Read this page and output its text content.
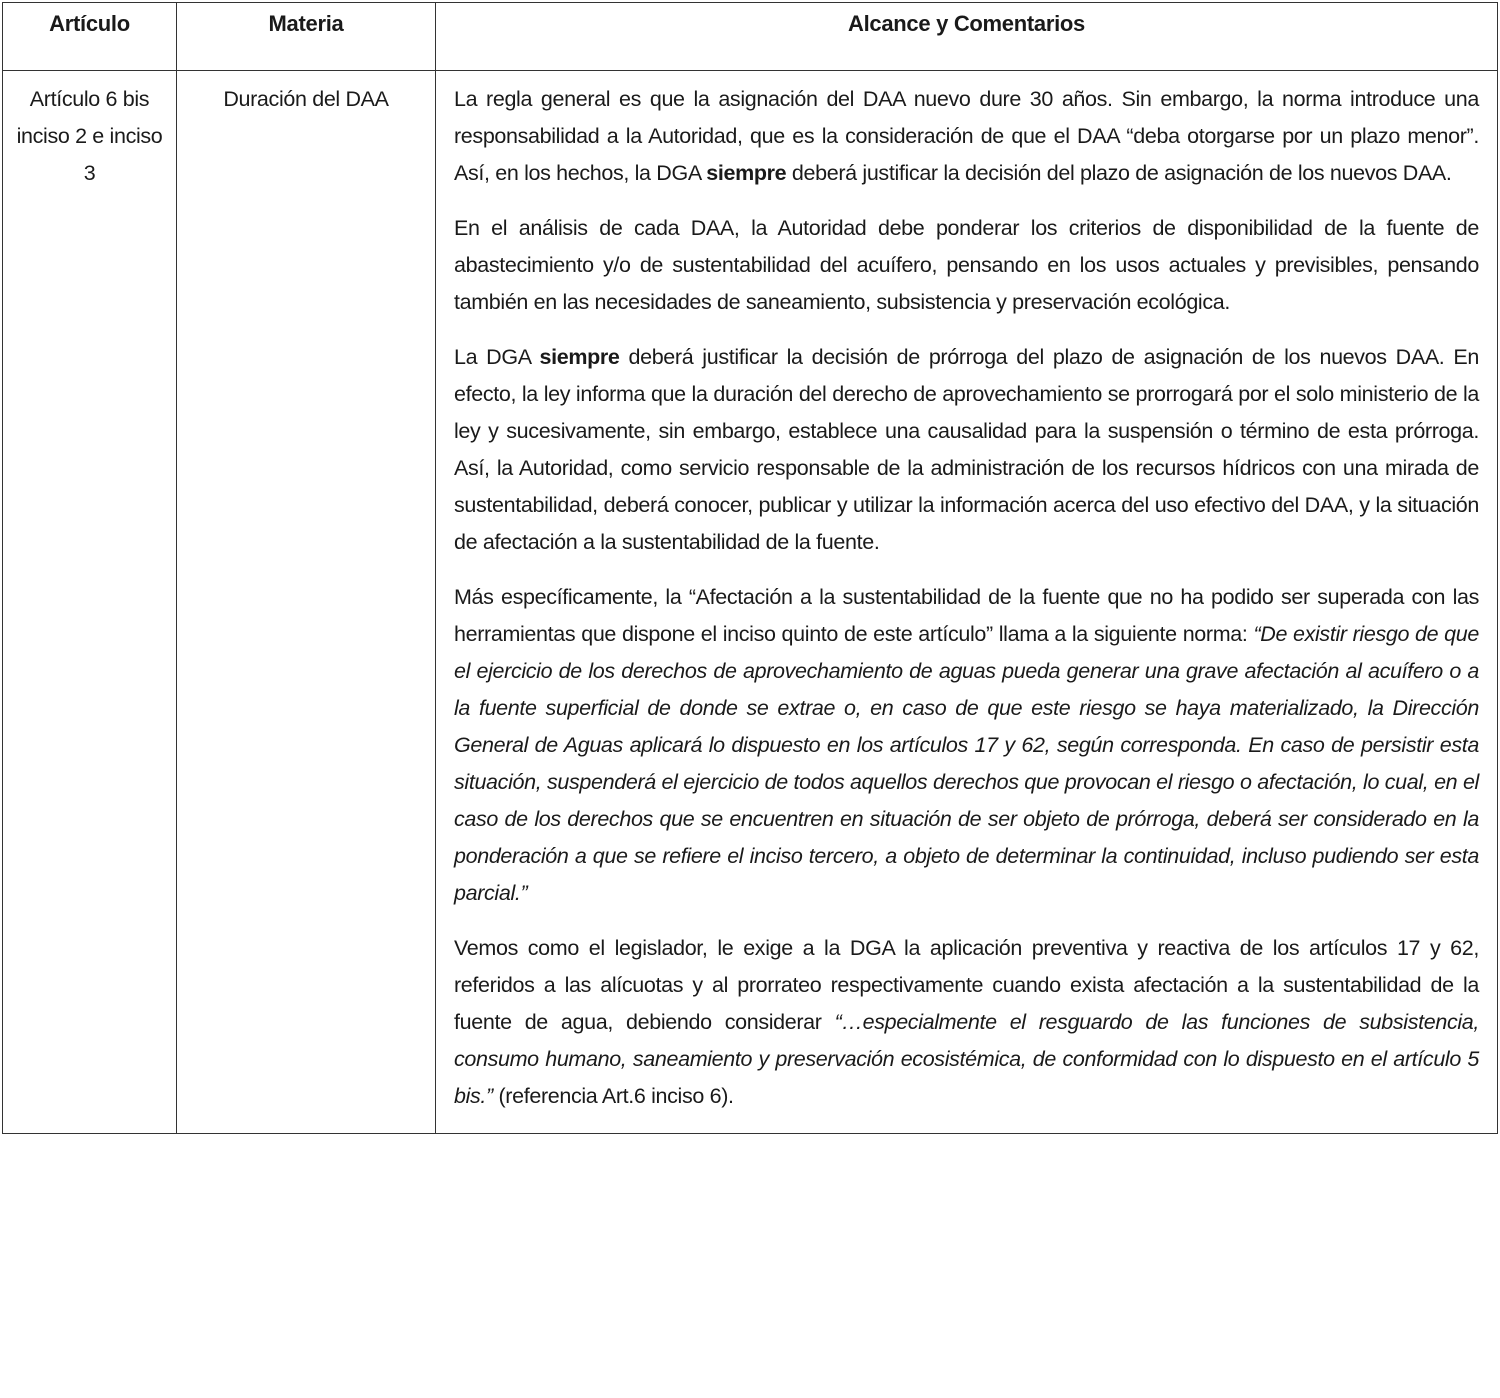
Artículo	Materia	Alcance y Comentarios
Artículo 6 bis inciso 2 e inciso 3	Duración del DAA	La regla general es que la asignación del DAA nuevo dure 30 años. Sin embargo, la norma introduce una responsabilidad a la Autoridad, que es la consideración de que el DAA “deba otorgarse por un plazo menor”. Así, en los hechos, la DGA siempre deberá justificar la decisión del plazo de asignación de los nuevos DAA.

En el análisis de cada DAA, la Autoridad debe ponderar los criterios de disponibilidad de la fuente de abastecimiento y/o de sustentabilidad del acuífero, pensando en los usos actuales y previsibles, pensando también en las necesidades de saneamiento, subsistencia y preservación ecológica.

La DGA siempre deberá justificar la decisión de prórroga del plazo de asignación de los nuevos DAA. En efecto, la ley informa que la duración del derecho de aprovechamiento se prorrogará por el solo ministerio de la ley y sucesivamente, sin embargo, establece una causalidad para la suspensión o término de esta prórroga. Así, la Autoridad, como servicio responsable de la administración de los recursos hídricos con una mirada de sustentabilidad, deberá conocer, publicar y utilizar la información acerca del uso efectivo del DAA, y la situación de afectación a la sustentabilidad de la fuente.

Más específicamente, la “Afectación a la sustentabilidad de la fuente que no ha podido ser superada con las herramientas que dispone el inciso quinto de este artículo” llama a la siguiente norma: “De existir riesgo de que el ejercicio de los derechos de aprovechamiento de aguas pueda generar una grave afectación al acuífero o a la fuente superficial de donde se extrae o, en caso de que este riesgo se haya materializado, la Dirección General de Aguas aplicará lo dispuesto en los artículos 17 y 62, según corresponda. En caso de persistir esta situación, suspenderá el ejercicio de todos aquellos derechos que provocan el riesgo o afectación, lo cual, en el caso de los derechos que se encuentren en situación de ser objeto de prórroga, deberá ser considerado en la ponderación a que se refiere el inciso tercero, a objeto de determinar la continuidad, incluso pudiendo ser esta parcial.”

Vemos como el legislador, le exige a la DGA la aplicación preventiva y reactiva de los artículos 17 y 62, referidos a las alícuotas y al prorrateo respectivamente cuando exista afectación a la sustentabilidad de la fuente de agua, debiendo considerar “…especialmente el resguardo de las funciones de subsistencia, consumo humano, saneamiento y preservación ecosistémica, de conformidad con lo dispuesto en el artículo 5 bis.” (referencia Art.6 inciso 6).
